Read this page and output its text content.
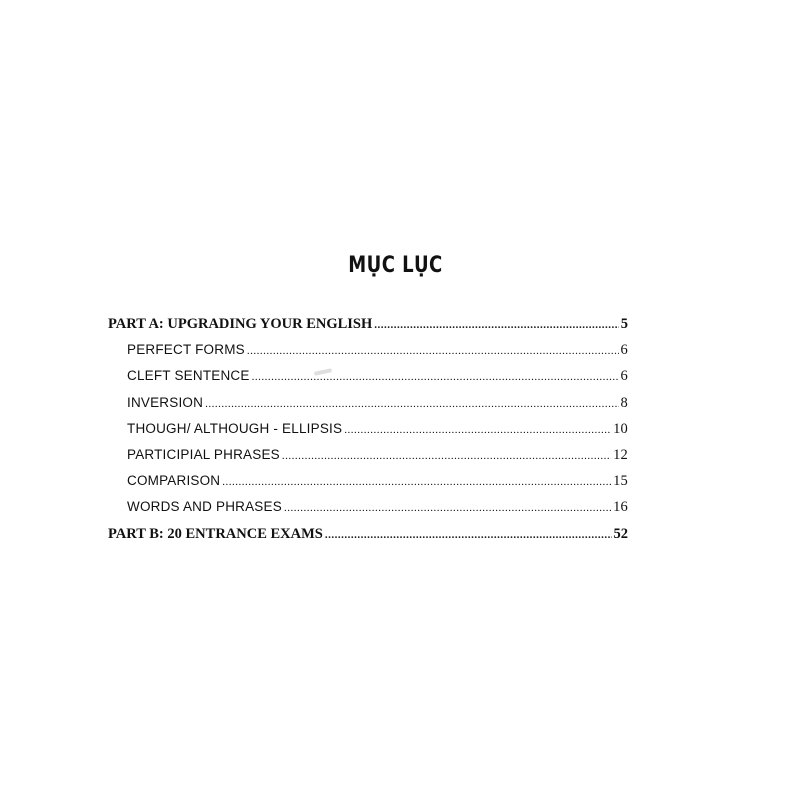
MỤC LỤC
PART A: UPGRADING YOUR ENGLISH .....	5
PERFECT FORMS .....	6
CLEFT SENTENCE .....	6
INVERSION .....	8
THOUGH/ ALTHOUGH - ELLIPSIS .....	10
PARTICIPIAL PHRASES .....	12
COMPARISON .....	15
WORDS AND PHRASES .....	16
PART B: 20 ENTRANCE EXAMS .....	52
